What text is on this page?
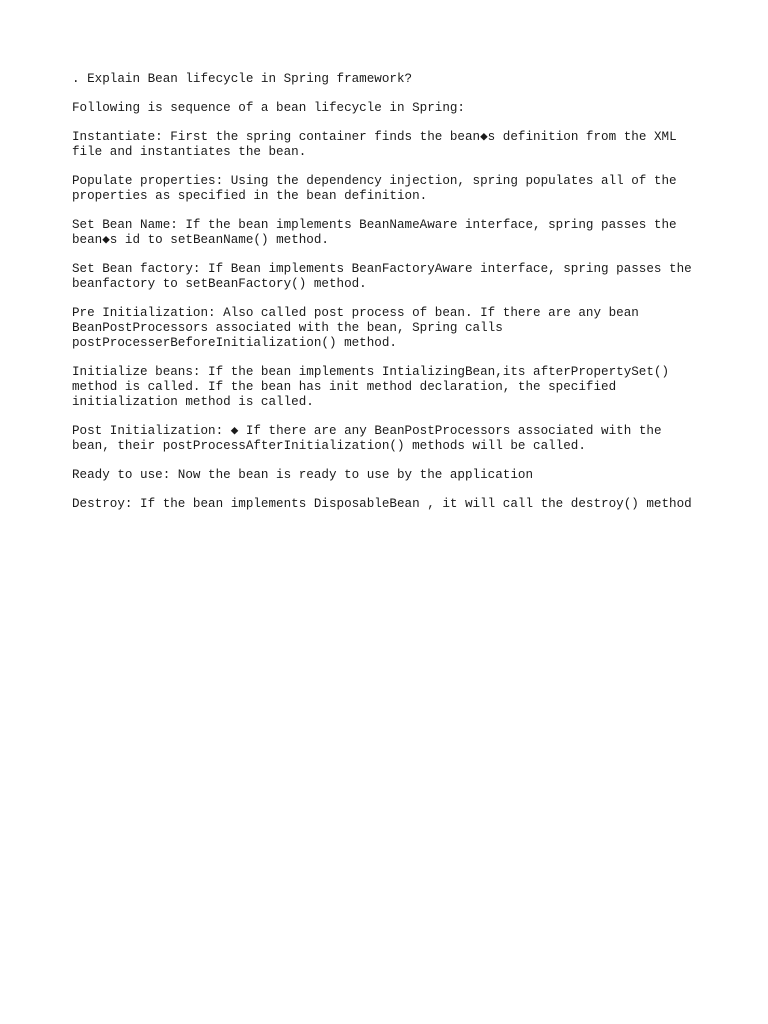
. Explain Bean lifecycle in Spring framework?

Following is sequence of a bean lifecycle in Spring:

Instantiate: First the spring container finds the bean◆s definition from the XML
file and instantiates the bean.

Populate properties: Using the dependency injection, spring populates all of the
properties as specified in the bean definition.

Set Bean Name: If the bean implements BeanNameAware interface, spring passes the
bean◆s id to setBeanName() method.

Set Bean factory: If Bean implements BeanFactoryAware interface, spring passes the
beanfactory to setBeanFactory() method.

Pre Initialization: Also called post process of bean. If there are any bean
BeanPostProcessors associated with the bean, Spring calls
postProcesserBeforeInitialization() method.

Initialize beans: If the bean implements IntializingBean,its afterPropertySet()
method is called. If the bean has init method declaration, the specified
initialization method is called.

Post Initialization: ◆ If there are any BeanPostProcessors associated with the
bean, their postProcessAfterInitialization() methods will be called.

Ready to use: Now the bean is ready to use by the application

Destroy: If the bean implements DisposableBean , it will call the destroy() method
